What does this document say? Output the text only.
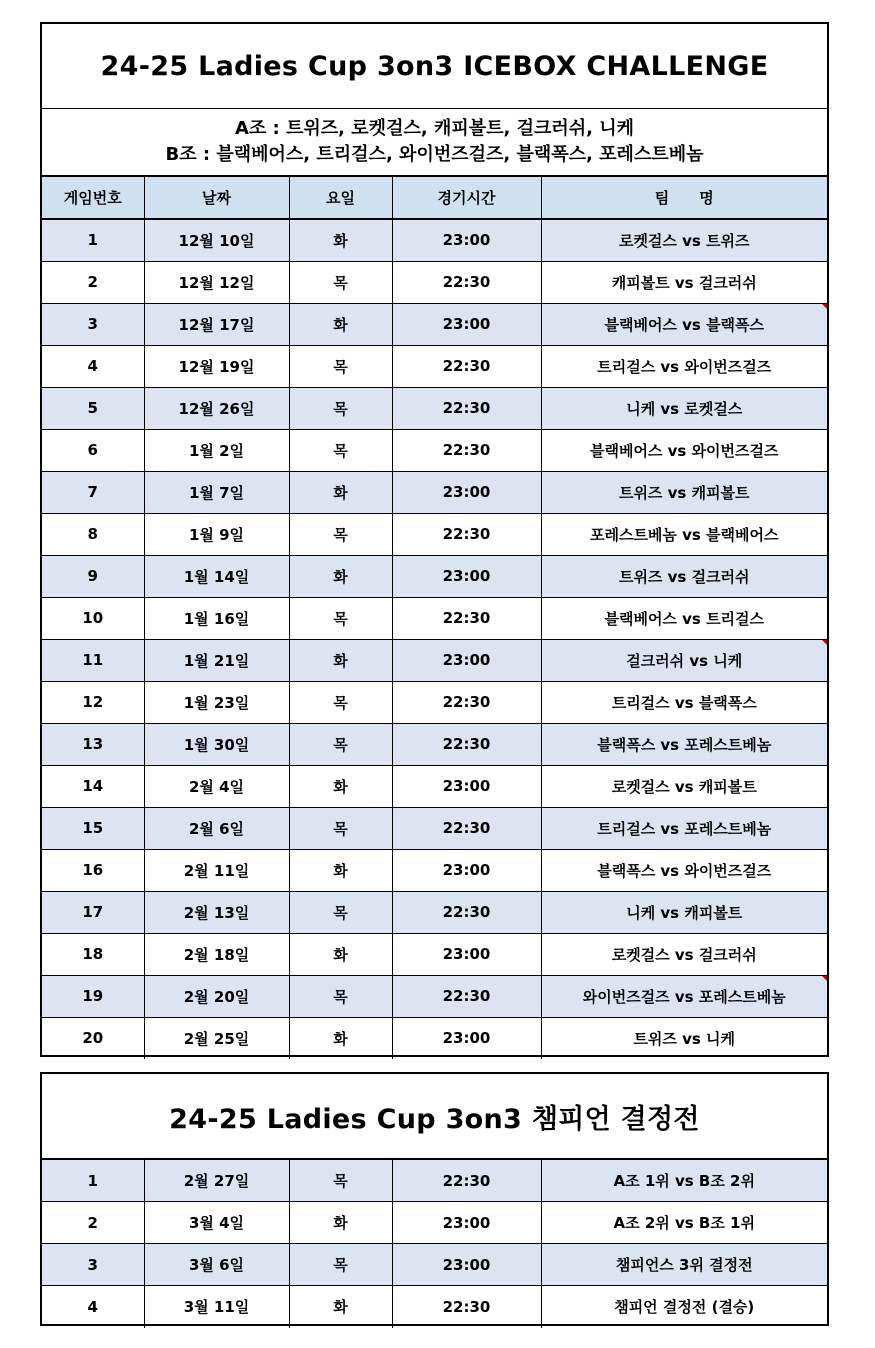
24-25 Ladies Cup 3on3 ICEBOX CHALLENGE
A조 : 트위즈, 로켓걸스, 캐피볼트, 걸크러쉬, 니케
B조 : 블랙베어스, 트리걸스, 와이번즈걸즈, 블랙폭스, 포레스트베놈
게임번호	날짜	요일	경기시간	팀　　명
1	12월 10일	화	23:00	로켓걸스 vs 트위즈
2	12월 12일	목	22:30	캐피볼트 vs 걸크러쉬
3	12월 17일	화	23:00	블랙베어스 vs 블랙폭스

4	12월 19일	목	22:30	트리걸스 vs 와이번즈걸즈
5	12월 26일	목	22:30	니케 vs 로켓걸스
6	1월 2일	목	22:30	블랙베어스 vs 와이번즈걸즈
7	1월 7일	화	23:00	트위즈 vs 캐피볼트
8	1월 9일	목	22:30	포레스트베놈 vs 블랙베어스
9	1월 14일	화	23:00	트위즈 vs 걸크러쉬
10	1월 16일	목	22:30	블랙베어스 vs 트리걸스
11	1월 21일	화	23:00	걸크러쉬 vs 니케

12	1월 23일	목	22:30	트리걸스 vs 블랙폭스
13	1월 30일	목	22:30	블랙폭스 vs 포레스트베놈
14	2월 4일	화	23:00	로켓걸스 vs 캐피볼트
15	2월 6일	목	22:30	트리걸스 vs 포레스트베놈
16	2월 11일	화	23:00	블랙폭스 vs 와이번즈걸즈
17	2월 13일	목	22:30	니케 vs 캐피볼트
18	2월 18일	화	23:00	로켓걸스 vs 걸크러쉬
19	2월 20일	목	22:30	와이번즈걸즈 vs 포레스트베놈

20	2월 25일	화	23:00	트위즈 vs 니케
24-25 Ladies Cup 3on3 챔피언 결정전
1	2월 27일	목	22:30	A조 1위 vs B조 2위
2	3월 4일	화	23:00	A조 2위 vs B조 1위
3	3월 6일	목	23:00	챔피언스 3위 결정전
4	3월 11일	화	22:30	챔피언 결정전 (결승)
